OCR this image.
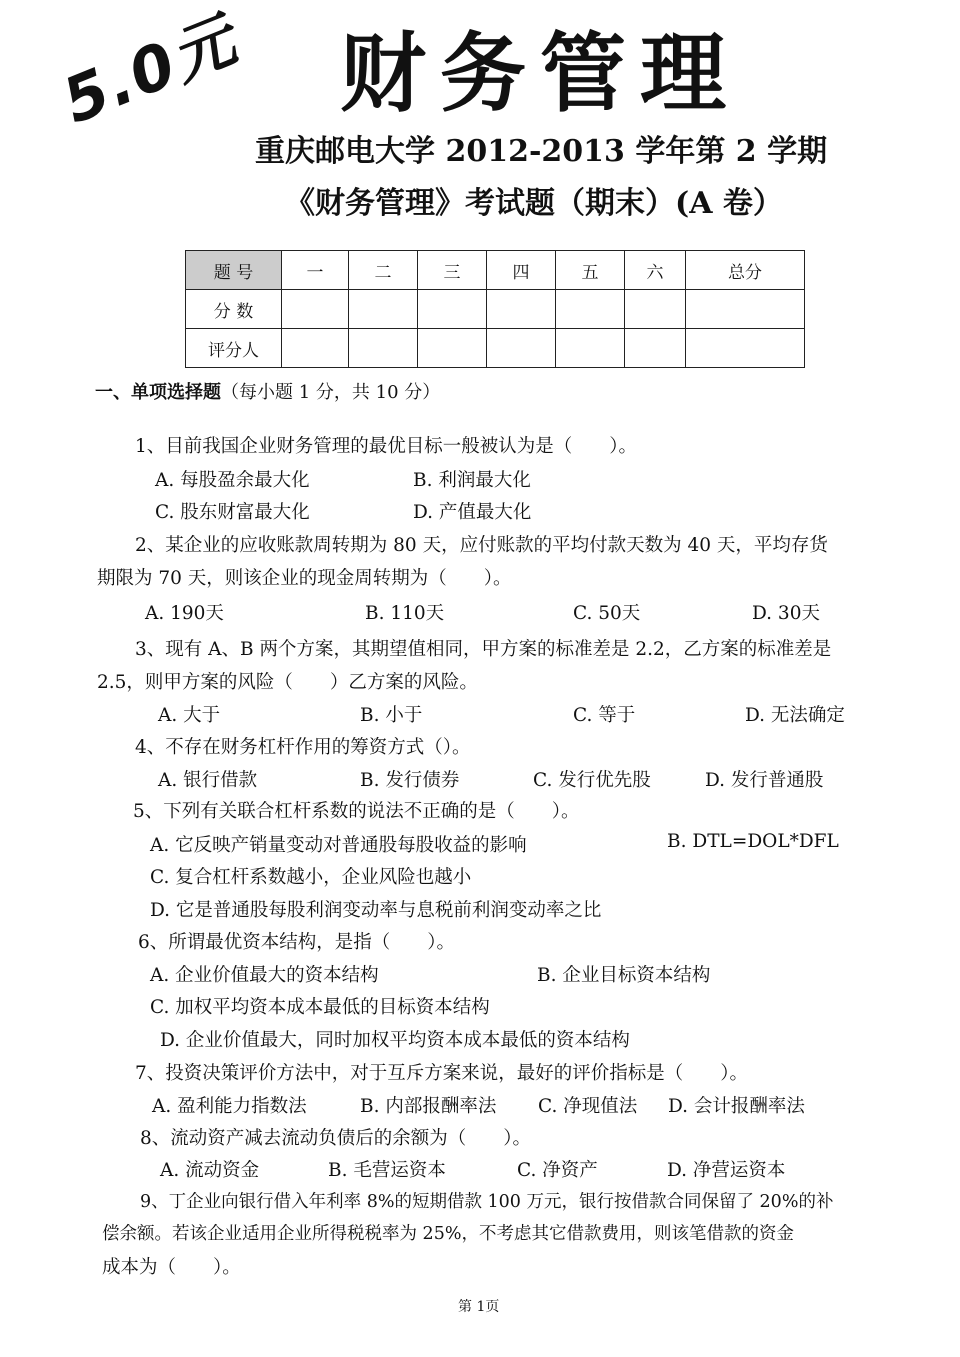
5.0元 财务管理
重庆邮电大学 2012-2013 学年第 2 学期
《财务管理》考试题（期末）(A 卷）
题 号	一	二	三	四	五	六	总分
分 数							
评分人							
一、单项选择题（每小题 1 分，共 10 分）
1、目前我国企业财务管理的最优目标一般被认为是（　　）。
A. 每股盈余最大化	B. 利润最大化
C. 股东财富最大化	D. 产值最大化
2、某企业的应收账款周转期为 80 天，应付账款的平均付款天数为 40 天，平均存货
期限为 70 天，则该企业的现金周转期为（　　）。
A. 190天	B. 110天	C. 50天	D. 30天
3、现有 A、B 两个方案，其期望值相同，甲方案的标准差是 2.2，乙方案的标准差是
2.5，则甲方案的风险（　　）乙方案的风险。
A. 大于	B. 小于	C. 等于	D. 无法确定
4、不存在财务杠杆作用的筹资方式（）。
A. 银行借款	B. 发行债券	C. 发行优先股	D. 发行普通股
5、下列有关联合杠杆系数的说法不正确的是（　　）。
A. 它反映产销量变动对普通股每股收益的影响	B. DTL=DOL*DFL
C. 复合杠杆系数越小，企业风险也越小
D. 它是普通股每股利润变动率与息税前利润变动率之比
6、所谓最优资本结构，是指（　　）。
A. 企业价值最大的资本结构	B. 企业目标资本结构
C. 加权平均资本成本最低的目标资本结构
D. 企业价值最大，同时加权平均资本成本最低的资本结构
7、投资决策评价方法中，对于互斥方案来说，最好的评价指标是（　　）。
A. 盈利能力指数法	B. 内部报酬率法 C. 净现值法 D. 会计报酬率法
8、流动资产减去流动负债后的余额为（　　）。
A. 流动资金	B. 毛营运资本	C. 净资产	D. 净营运资本
9、丁企业向银行借入年利率 8%的短期借款 100 万元，银行按借款合同保留了 20%的补
偿余额。若该企业适用企业所得税税率为 25%，不考虑其它借款费用，则该笔借款的资金
成本为（　　）。
第 1页
